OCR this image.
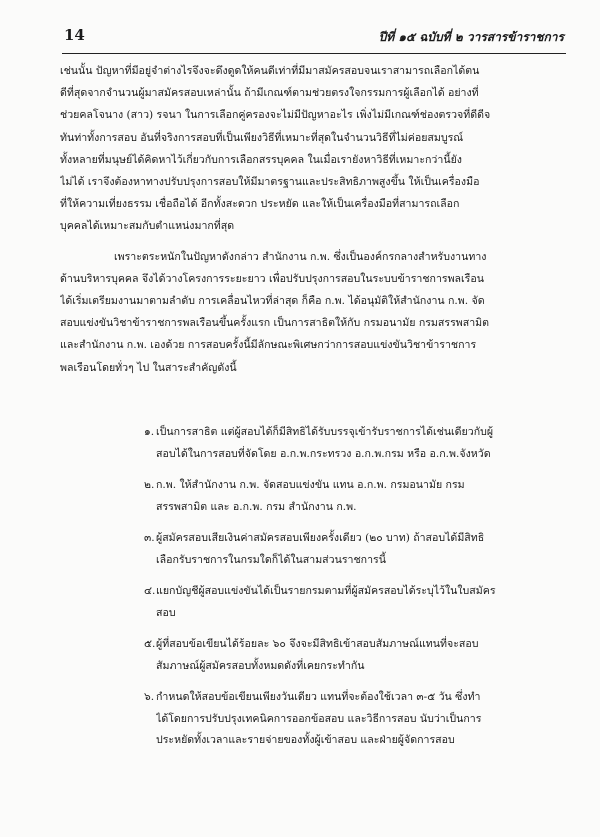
14	ปีที่ ๑๕ ฉบับที่ ๒ วารสารข้าราชการ
เช่นนั้น ปัญหาที่มีอยู่จำต่างไรจึงจะดึงดูดให้คนดีเท่าที่มีมาสมัครสอบจนเราสามารถเลือกได้ตน
ดีที่สุดจากจำนวนผู้มาสมัครสอบเหล่านั้น ถ้ามีเกณฑ์ตามช่วยตรงใจกรรมการผู้เลือกได้ อย่างที่
ช่วยคลโจนาง (สาว) รจนา ในการเลือกคู่ครองจะไม่มีปัญหาอะไร เพิ่งไม่มีเกณฑ์ช่องตรวจที่ดีดีจ
ทันท่าทั้งการสอบ อันที่จริงการสอบที่เป็นเพียงวิธีที่เหมาะที่สุดในจำนวนวิธีที่ไม่ค่อยสมบูรณ์
ทั้งหลายที่มนุษย์ได้คิดหาไว้เกี่ยวกับการเลือกสรรบุคคล ในเมื่อเรายังหาวิธีที่เหมาะกว่านี้ยัง
ไม่ได้ เราจึงต้องหาทางปรับปรุงการสอบให้มีมาตรฐานและประสิทธิภาพสูงขึ้น ให้เป็นเครื่องมือ
ที่ให้ความเที่ยงธรรม เชื่อถือได้ อีกทั้งสะดวก ประหยัด และให้เป็นเครื่องมือที่สามารถเลือก
บุคคลได้เหมาะสมกับตำแหน่งมากที่สุด
เพราะตระหนักในปัญหาดังกล่าว สำนักงาน ก.พ. ซึ่งเป็นองค์กรกลางสำหรับงานทาง
ด้านบริหารบุคคล จึงได้วางโครงการระยะยาว เพื่อปรับปรุงการสอบในระบบข้าราชการพลเรือน
ได้เริ่มเตรียมงานมาตามลำดับ การเคลื่อนไหวที่ล่าสุด ก็คือ ก.พ. ได้อนุมัติให้สำนักงาน ก.พ. จัด
สอบแข่งขันวิชาข้าราชการพลเรือนขึ้นครั้งแรก เป็นการสาธิตให้กับ กรมอนามัย กรมสรรพสามิต
และสำนักงาน ก.พ. เองด้วย การสอบครั้งนี้มีลักษณะพิเศษกว่าการสอบแข่งขันวิชาข้าราชการ
พลเรือนโดยทั่วๆ ไป ในสาระสำคัญดังนี้
๑. เป็นการสาธิต แต่ผู้สอบได้ก็มีสิทธิได้รับบรรจุเข้ารับราชการได้เช่นเดียวกับผู้
สอบได้ในการสอบที่จัดโดย อ.ก.พ.กระทรวง อ.ก.พ.กรม หรือ อ.ก.พ.จังหวัด
๒. ก.พ. ให้สำนักงาน ก.พ. จัดสอบแข่งขัน แทน อ.ก.พ. กรมอนามัย กรม
สรรพสามิต และ อ.ก.พ. กรม สำนักงาน ก.พ.
๓. ผู้สมัครสอบเสียเงินค่าสมัครสอบเพียงครั้งเดียว (๒๐ บาท) ถ้าสอบได้มีสิทธิ
เลือกรับราชการในกรมใดก็ได้ในสามส่วนราชการนี้
๔. แยกบัญชีผู้สอบแข่งขันได้เป็นรายกรมตามที่ผู้สมัครสอบได้ระบุไว้ในใบสมัคร
สอบ
๕. ผู้ที่สอบข้อเขียนได้ร้อยละ ๖๐ จึงจะมีสิทธิเข้าสอบสัมภาษณ์แทนที่จะสอบ
สัมภาษณ์ผู้สมัครสอบทั้งหมดดังที่เคยกระทำกัน
๖. กำหนดให้สอบข้อเขียนเพียงวันเดียว แทนที่จะต้องใช้เวลา ๓-๕ วัน ซึ่งทำ
ได้โดยการปรับปรุงเทคนิคการออกข้อสอบ และวิธีการสอบ นับว่าเป็นการ
ประหยัดทั้งเวลาและรายจ่ายของทั้งผู้เข้าสอบ และฝ่ายผู้จัดการสอบ
